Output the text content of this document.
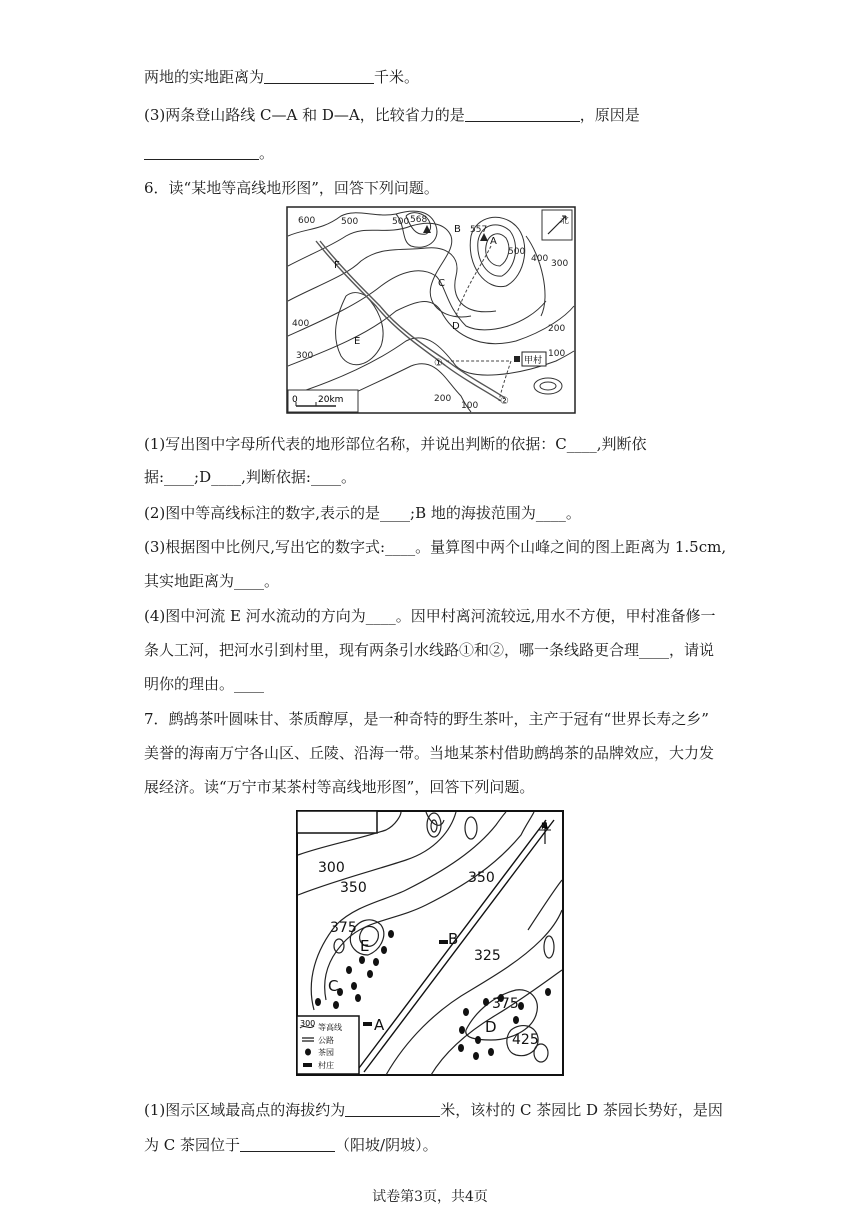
两地的实地距离为	千米。
(3)两条登山路线 C—A 和 D—A，比较省力的是	，原因是
。
6．读“某地等高线地形图”，回答下列问题。
北
甲村
600	500	500
500
400 300
400
300
200
100
200
100
568
557
A
B
C
D
E
F
①
②
0 20km
(1)写出图中字母所代表的地形部位名称，并说出判断的依据：C____,判断依
据:____;D____,判断依据:____。
(2)图中等高线标注的数字,表示的是____;B 地的海拔范围为____。
(3)根据图中比例尺,写出它的数字式:____。量算图中两个山峰之间的图上距离为 1.5cm,
其实地距离为____。
(4)图中河流 E 河水流动的方向为____。因甲村离河流较远,用水不方便，甲村准备修一
条人工河，把河水引到村里，现有两条引水线路①和②，哪一条线路更合理____，请说
明你的理由。____
7．鹧鸪茶叶圆味甘、茶质醇厚，是一种奇特的野生茶叶，主产于冠有“世界长寿之乡”
美誉的海南万宁各山区、丘陵、沿海一带。当地某茶村借助鹧鸪茶的品牌效应，大力发
展经济。读“万宁市某茶村等高线地形图”，回答下列问题。
N
300
350
350
375
325
375
425
A
B
C
D
E
300 等高线
公路
茶园
村庄
(1)图示区域最高点的海拔约为	米，该村的 C 茶园比 D 茶园长势好，是因
为 C 茶园位于	（阳坡/阴坡）。
试卷第3页，共4页
